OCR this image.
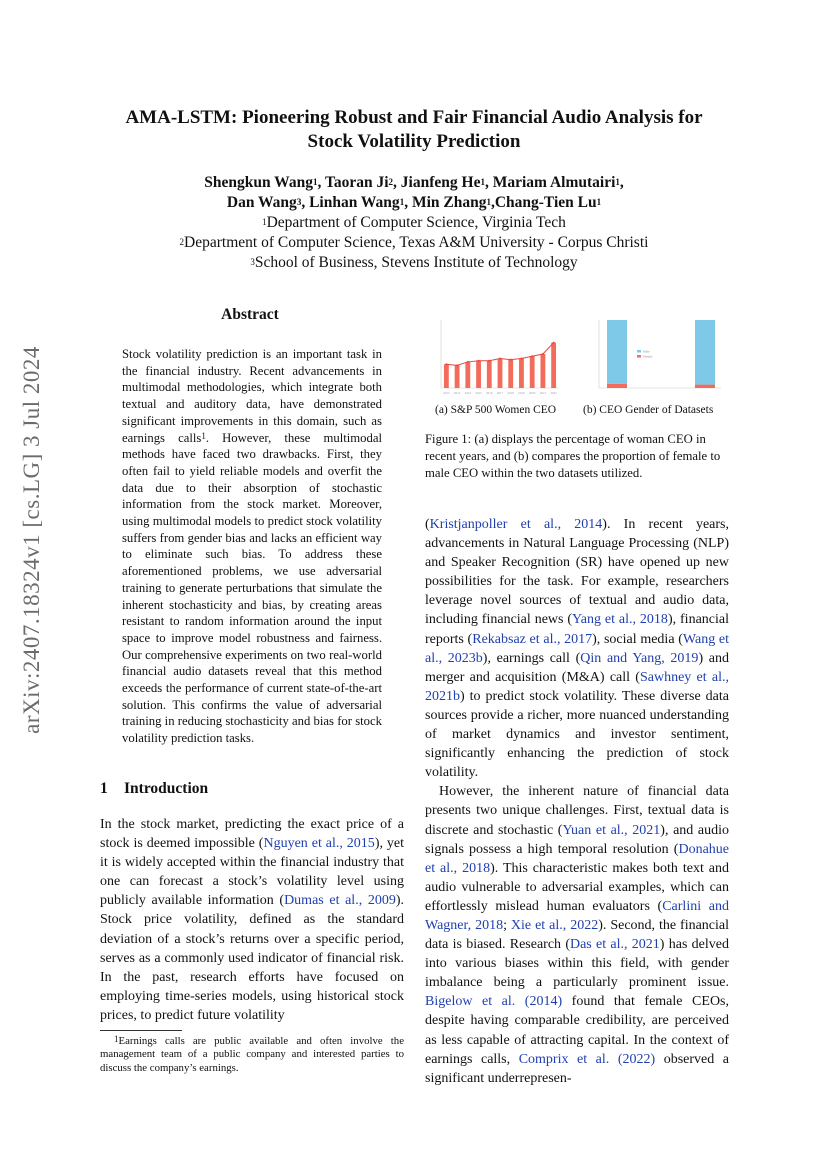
arXiv:2407.18324v1 [cs.LG] 3 Jul 2024
AMA-LSTM: Pioneering Robust and Fair Financial Audio Analysis for
Stock Volatility Prediction
Shengkun Wang$^1$, Taoran Ji$^2$, Jianfeng He$^1$, Mariam Almutairi$^1$,
Dan Wang$^3$, Linhan Wang$^1$, Min Zhang$^1$,Chang-Tien Lu$^1$
$^1$Department of Computer Science, Virginia Tech
$^2$Department of Computer Science, Texas A&M University - Corpus Christi
$^3$School of Business, Stevens Institute of Technology
Abstract
Stock volatility prediction is an important task in the financial industry. Recent advancements in multimodal methodologies, which integrate both textual and auditory data, have demonstrated significant improvements in this domain, such as earnings calls$^1$. However, these multimodal methods have faced two drawbacks. First, they often fail to yield reliable models and overfit the data due to their absorption of stochastic information from the stock market. Moreover, using multimodal models to predict stock volatility suffers from gender bias and lacks an efficient way to eliminate such bias. To address these aforementioned problems, we use adversarial training to generate perturbations that simulate the inherent stochasticity and bias, by creating areas resistant to random information around the input space to improve model robustness and fairness. Our comprehensive experiments on two real-world financial audio datasets reveal that this method exceeds the performance of current state-of-the-art solution. This confirms the value of adversarial training in reducing stochasticity and bias for stock volatility prediction tasks.
1 Introduction

In the stock market, predicting the exact price of a stock is deemed impossible (Nguyen et al., 2015), yet it is widely accepted within the financial industry that one can forecast a stock’s volatility level using publicly available information (Dumas et al., 2009). Stock price volatility, defined as the standard deviation of a stock’s returns over a specific period, serves as a commonly used indicator of financial risk. In the past, research efforts have focused on employing time-series models, using historical stock prices, to predict future volatility

$^1$Earnings calls are public available and often involve the management team of a public company and interested parties to discuss the company’s earnings.
2012 2013 2014 2015 2016 2017 2018 2019 2020 2021 2022
Male
Female
(a) S&P 500 Women CEO (b) CEO Gender of Datasets
Figure 1: (a) displays the percentage of woman CEO in recent years, and (b) compares the proportion of female to male CEO within the two datasets utilized.

(Kristjanpoller et al., 2014). In recent years, advancements in Natural Language Processing (NLP) and Speaker Recognition (SR) have opened up new possibilities for the task. For example, researchers leverage novel sources of textual and audio data, including financial news (Yang et al., 2018), financial reports (Rekabsaz et al., 2017), social media (Wang et al., 2023b), earnings call (Qin and Yang, 2019) and merger and acquisition (M&A) call (Sawhney et al., 2021b) to predict stock volatility. These diverse data sources provide a richer, more nuanced understanding of market dynamics and investor sentiment, significantly enhancing the prediction of stock volatility.

However, the inherent nature of financial data presents two unique challenges. First, textual data is discrete and stochastic (Yuan et al., 2021), and audio signals possess a high temporal resolution (Donahue et al., 2018). This characteristic makes both text and audio vulnerable to adversarial examples, which can effortlessly mislead human evaluators (Carlini and Wagner, 2018; Xie et al., 2022). Second, the financial data is biased. Research (Das et al., 2021) has delved into various biases within this field, with gender imbalance being a particularly prominent issue. Bigelow et al. (2014) found that female CEOs, despite having comparable credibility, are perceived as less capable of attracting capital. In the context of earnings calls, Comprix et al. (2022) observed a significant underrepresen-
